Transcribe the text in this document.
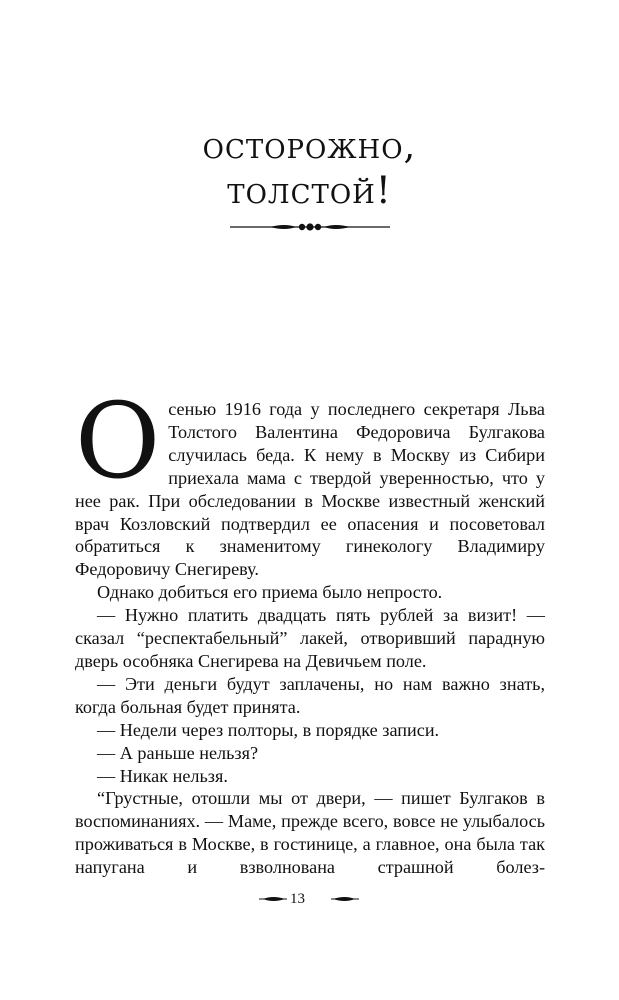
осторожно,
толстой!
О сенью 1916 года у последнего секретаря Льва Толстого Валентина Федоровича Булгакова случилась беда. К нему в Москву из Сибири приехала мама с твердой уверенностью, что у нее рак. При обследовании в Москве известный женский врач Козловский подтвердил ее опасения и посоветовал обратиться к знаменитому гинекологу Владимиру Федоровичу Снегиреву.

Однако добиться его приема было непросто.

— Нужно платить двадцать пять рублей за визит! — сказал “респектабельный” лакей, отворивший парадную дверь особняка Снегирева на Девичьем поле.

— Эти деньги будут заплачены, но нам важно знать, когда больная будет принята.

— Недели через полторы, в порядке записи.

— А раньше нельзя?

— Никак нельзя.

“Грустные, отошли мы от двери, — пишет Булгаков в воспоминаниях. — Маме, прежде всего, вовсе не улыбалось проживаться в Москве, в гостинице, а главное, она была так напугана и взволнована страшной болез-

13
